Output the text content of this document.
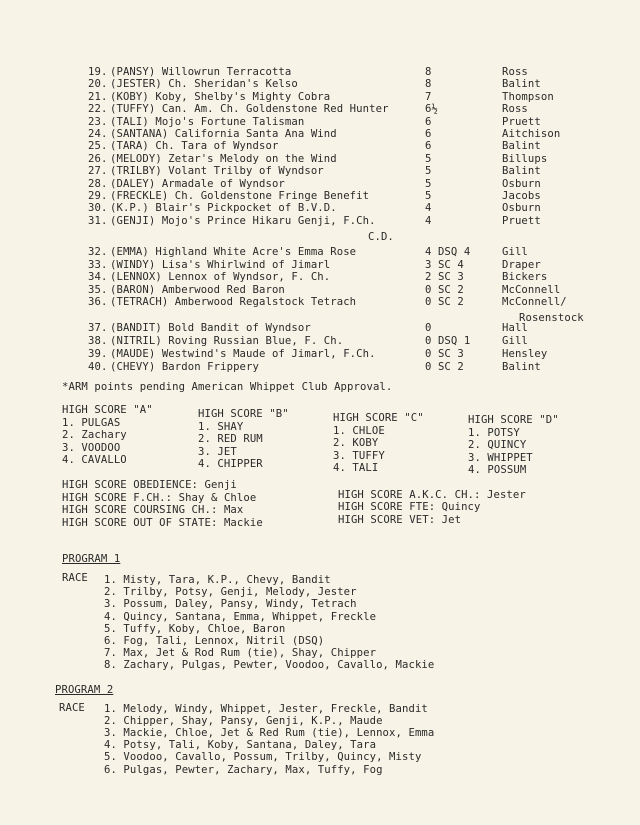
19. (PANSY) Willowrun Terracotta	8	Ross
20. (JESTER) Ch. Sheridan's Kelso	8	Balint
21. (KOBY) Koby, Shelby's Mighty Cobra	7	Thompson
22. (TUFFY) Can. Am. Ch. Goldenstone Red Hunter	6½	Ross
23. (TALI) Mojo's Fortune Talisman	6	Pruett
24. (SANTANA) California Santa Ana Wind	6	Aitchison
25. (TARA) Ch. Tara of Wyndsor	6	Balint
26. (MELODY) Zetar's Melody on the Wind	5	Billups
27. (TRILBY) Volant Trilby of Wyndsor	5	Balint
28. (DALEY) Armadale of Wyndsor	5	Osburn
29. (FRECKLE) Ch. Goldenstone Fringe Benefit	5	Jacobs
30. (K.P.) Blair's Pickpocket of B.V.D.	4	Osburn
31. (GENJI) Mojo's Prince Hikaru Genji, F.Ch.	4	Pruett
C.D.
32. (EMMA) Highland White Acre's Emma Rose	4 DSQ 4	Gill
33. (WINDY) Lisa's Whirlwind of Jimarl	3 SC 4	Draper
34. (LENNOX) Lennox of Wyndsor, F. Ch.	2 SC 3	Bickers
35. (BARON) Amberwood Red Baron	0 SC 2	McConnell
36. (TETRACH) Amberwood Regalstock Tetrach	0 SC 2	McConnell/
Rosenstock
37. (BANDIT) Bold Bandit of Wyndsor	0	Hall
38. (NITRIL) Roving Russian Blue, F. Ch.	0 DSQ 1	Gill
39. (MAUDE) Westwind's Maude of Jimarl, F.Ch.	0 SC 3	Hensley
40. (CHEVY) Bardon Frippery	0 SC 2	Balint
*ARM points pending American Whippet Club Approval.
HIGH SCORE "A"
1. PULGAS
2. Zachary
3. VOODOO
4. CAVALLO
HIGH SCORE "B"
1. SHAY
2. RED RUM
3. JET
4. CHIPPER
HIGH SCORE "C"
1. CHLOE
2. KOBY
3. TUFFY
4. TALI
HIGH SCORE "D"
1. POTSY
2. QUINCY
3. WHIPPET
4. POSSUM
HIGH SCORE OBEDIENCE: Genji
HIGH SCORE F.CH.: Shay & Chloe
HIGH SCORE COURSING CH.: Max
HIGH SCORE OUT OF STATE: Mackie
HIGH SCORE A.K.C. CH.: Jester
HIGH SCORE FTE: Quincy
HIGH SCORE VET: Jet
PROGRAM 1
RACE 1. Misty, Tara, K.P., Chevy, Bandit
2. Trilby, Potsy, Genji, Melody, Jester
3. Possum, Daley, Pansy, Windy, Tetrach
4. Quincy, Santana, Emma, Whippet, Freckle
5. Tuffy, Koby, Chloe, Baron
6. Fog, Tali, Lennox, Nitril (DSQ)
7. Max, Jet & Rod Rum (tie), Shay, Chipper
8. Zachary, Pulgas, Pewter, Voodoo, Cavallo, Mackie
PROGRAM 2
RACE 1. Melody, Windy, Whippet, Jester, Freckle, Bandit
2. Chipper, Shay, Pansy, Genji, K.P., Maude
3. Mackie, Chloe, Jet & Red Rum (tie), Lennox, Emma
4. Potsy, Tali, Koby, Santana, Daley, Tara
5. Voodoo, Cavallo, Possum, Trilby, Quincy, Misty
6. Pulgas, Pewter, Zachary, Max, Tuffy, Fog
